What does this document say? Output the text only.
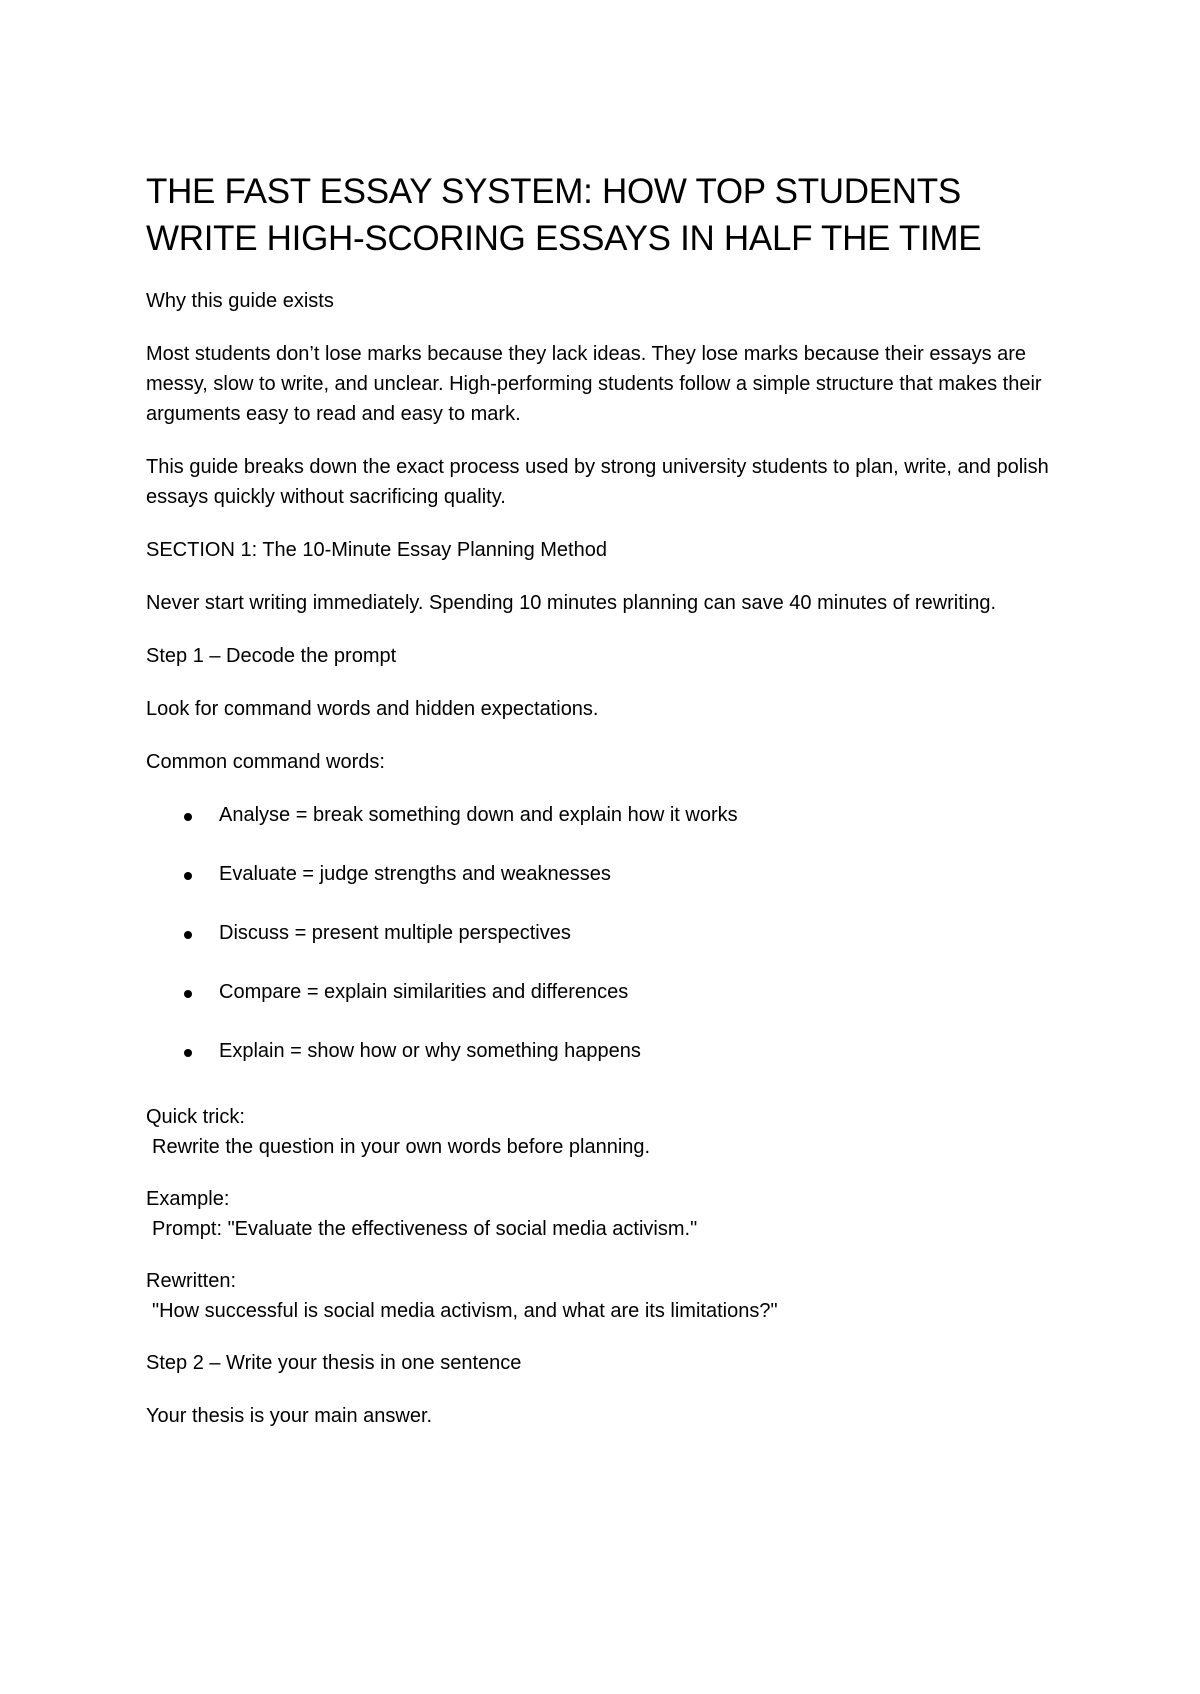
THE FAST ESSAY SYSTEM: HOW TOP STUDENTS WRITE HIGH-SCORING ESSAYS IN HALF THE TIME

Why this guide exists

Most students don’t lose marks because they lack ideas. They lose marks because their essays are messy, slow to write, and unclear. High-performing students follow a simple structure that makes their arguments easy to read and easy to mark.

This guide breaks down the exact process used by strong university students to plan, write, and polish essays quickly without sacrificing quality.

SECTION 1: The 10-Minute Essay Planning Method

Never start writing immediately. Spending 10 minutes planning can save 40 minutes of rewriting.

Step 1 – Decode the prompt

Look for command words and hidden expectations.

Common command words:

Analyse = break something down and explain how it works
Evaluate = judge strengths and weaknesses
Discuss = present multiple perspectives
Compare = explain similarities and differences
Explain = show how or why something happens

Quick trick:

Rewrite the question in your own words before planning.

Example:

Prompt: "Evaluate the effectiveness of social media activism."

Rewritten:

"How successful is social media activism, and what are its limitations?"

Step 2 – Write your thesis in one sentence

Your thesis is your main answer.
